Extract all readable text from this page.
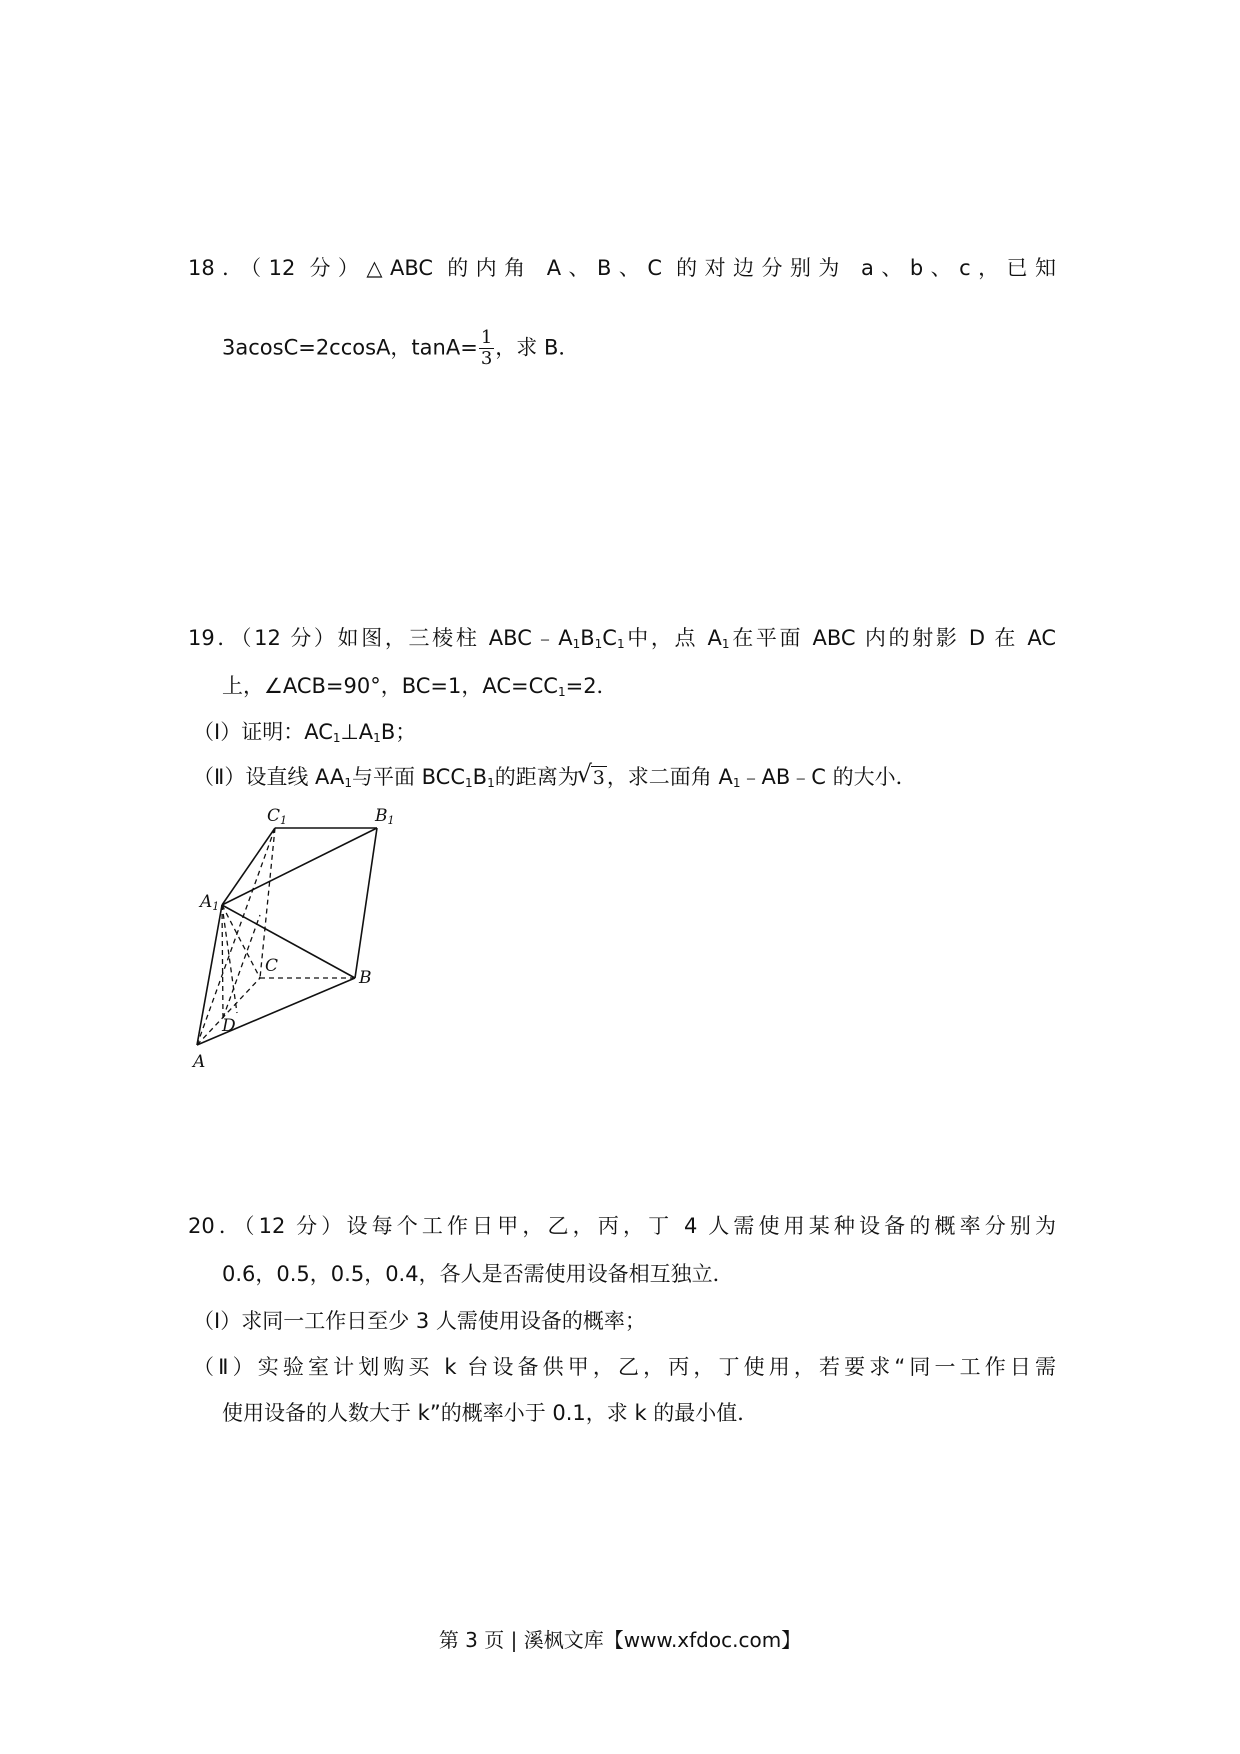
18．（12 分）△ABC 的内角 A、B、C 的对边分别为 a、b、c，已知
3acosC=2ccosA，$\tan A= \frac{1}{3}$ ，求 B．
19．（12 分）如图，三棱柱 $ABC﹣A_1B_1C_1$中，点 $A_1$在平面 ABC 内的射影 D 在 AC
上，∠ACB=90°，BC=1，$AC=CC_1=2$．
（Ⅰ）证明：$AC_1\perp A_1B$；
（Ⅱ）设直线 $AA_1$与平面 $BCC_1B_1$的距离为√ 3，求二面角 $A_1﹣AB﹣C$ 的大小．
C1	B1
A1
C
B
D
A
20．（12 分）设每个工作日甲，乙，丙，丁 4 人需使用某种设备的概率分别为
0.6，0.5，0.5，0.4，各人是否需使用设备相互独立．
（Ⅰ）求同一工作日至少 3 人需使用设备的概率；
（Ⅱ）实验室计划购买 k 台设备供甲，乙，丙，丁使用，若要求“同一工作日需
使用设备的人数大于 k”的概率小于 0.1，求 k 的最小值．
第 3 页 | 溪枫文库【www.xfdoc.com】
